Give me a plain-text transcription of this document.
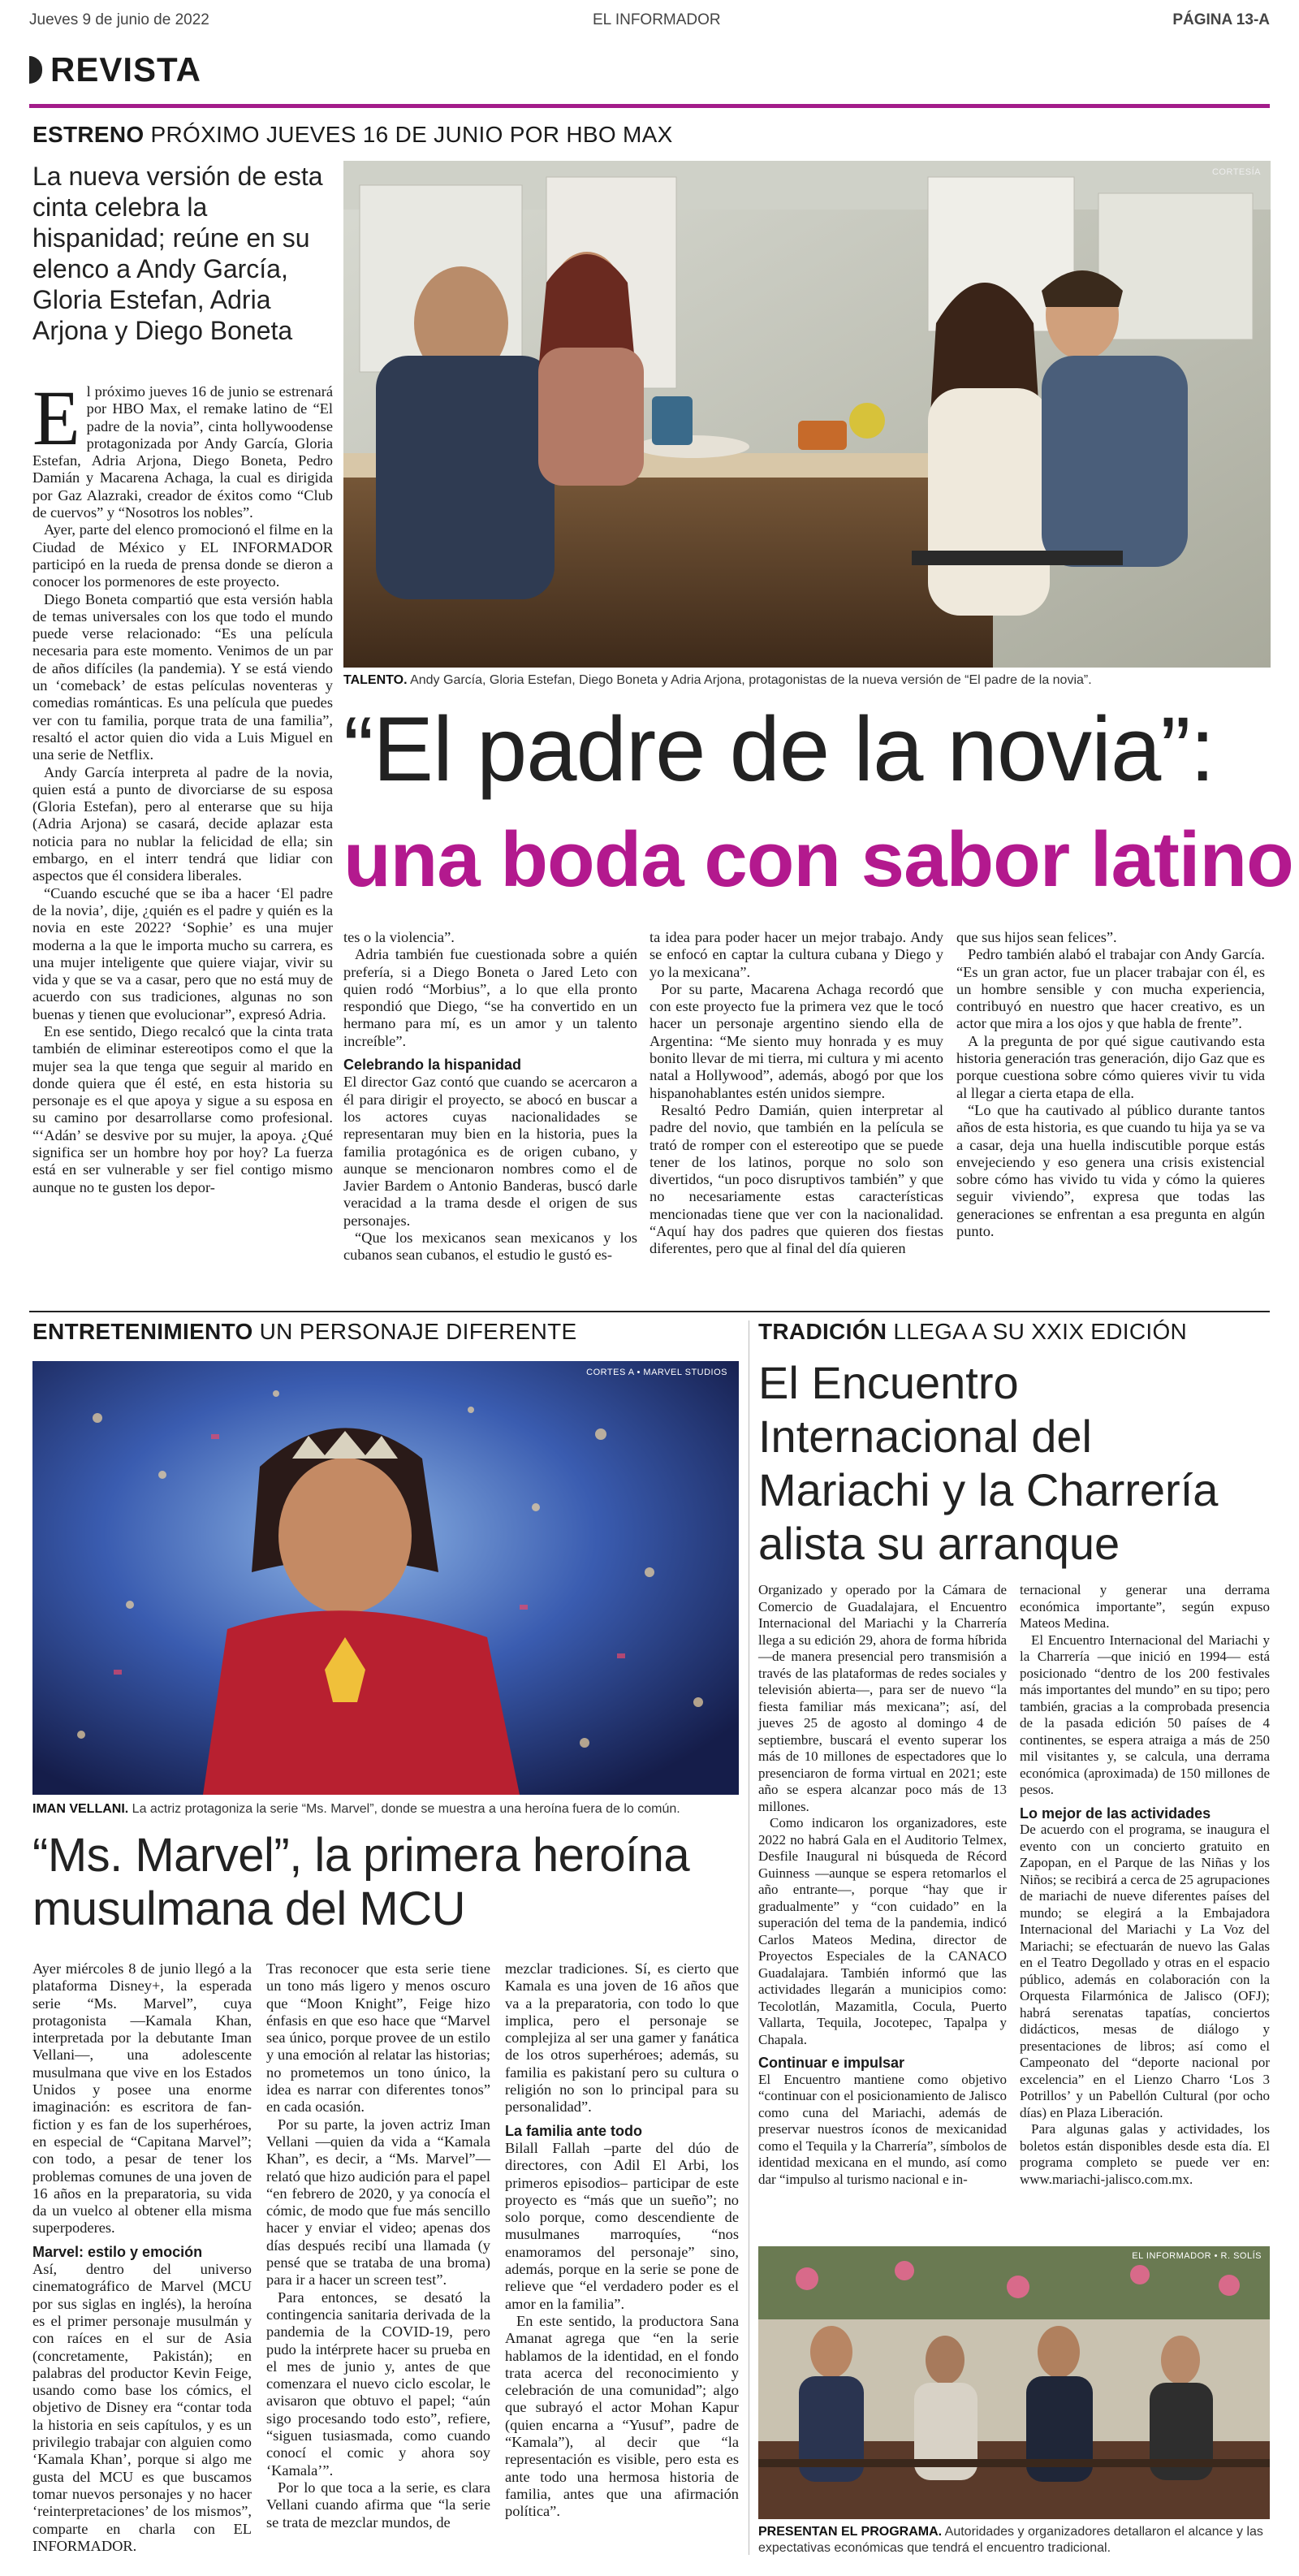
Jueves 9 de junio de 2022	EL INFORMADOR	PÁGINA 13-A
REVISTA
ESTRENO PRÓXIMO JUEVES 16 DE JUNIO POR HBO MAX
La nueva versión de esta cinta celebra la hispanidad; reúne en su elenco a Andy García, Gloria Estefan, Adria Arjona y Diego Boneta
CORTESÍA
TALENTO. Andy García, Gloria Estefan, Diego Boneta y Adria Arjona, protagonistas de la nueva versión de “El padre de la novia”.
“El padre de la novia”:
una boda con sabor latino

El próximo jueves 16 de junio se estrenará por HBO Max, el remake latino de “El padre de la novia”, cinta hollywoodense protagonizada por Andy García, Gloria Estefan, Adria Arjona, Diego Boneta, Pedro Damián y Macarena Achaga, la cual es dirigida por Gaz Alazraki, creador de éxitos como “Club de cuervos” y “Nosotros los nobles”.

Ayer, parte del elenco promocionó el filme en la Ciudad de México y EL INFORMADOR participó en la rueda de prensa donde se dieron a conocer los pormenores de este proyecto.

Diego Boneta compartió que esta versión habla de temas universales con los que todo el mundo puede verse relacionado: “Es una película necesaria para este momento. Venimos de un par de años difíciles (la pandemia). Y se está viendo un ‘comeback’ de estas películas noventeras y comedias románticas. Es una película que puedes ver con tu familia, porque trata de una familia”, resaltó el actor quien dio vida a Luis Miguel en una serie de Netflix.

Andy García interpreta al padre de la novia, quien está a punto de divorciarse de su esposa (Gloria Estefan), pero al enterarse que su hija (Adria Arjona) se casará, decide aplazar esta noticia para no nublar la felicidad de ella; sin embargo, en el interr tendrá que lidiar con aspectos que él considera liberales.

“Cuando escuché que se iba a hacer ‘El padre de la novia’, dije, ¿quién es el padre y quién es la novia en este 2022? ‘Sophie’ es una mujer moderna a la que le importa mucho su carrera, es una mujer inteligente que quiere viajar, vivir su vida y que se va a casar, pero que no está muy de acuerdo con sus tradiciones, algunas no son buenas y tienen que evolucionar”, expresó Adria.

En ese sentido, Diego recalcó que la cinta trata también de eliminar estereotipos como el que la mujer sea la que tenga que seguir al marido en donde quiera que él esté, en esta historia su personaje es el que apoya y sigue a su esposa en su camino por desarrollarse como profesional. “‘Adán’ se desvive por su mujer, la apoya. ¿Qué significa ser un hombre hoy por hoy? La fuerza está en ser vulnerable y ser fiel contigo mismo aunque no te gusten los depor-

tes o la violencia”.

Adria también fue cuestionada sobre a quién prefería, si a Diego Boneta o Jared Leto con quien rodó “Morbius”, a lo que ella pronto respondió que Diego, “se ha convertido en un hermano para mí, es un amor y un talento increíble”.

Celebrando la hispanidad

El director Gaz contó que cuando se acercaron a él para dirigir el proyecto, se abocó en buscar a los actores cuyas nacionalidades se representaran muy bien en la historia, pues la familia protagónica es de origen cubano, y aunque se mencionaron nombres como el de Javier Bardem o Antonio Banderas, buscó darle veracidad a la trama desde el origen de sus personajes.

“Que los mexicanos sean mexicanos y los cubanos sean cubanos, el estudio le gustó es-

ta idea para poder hacer un mejor trabajo. Andy se enfocó en captar la cultura cubana y Diego y yo la mexicana”.

Por su parte, Macarena Achaga recordó que con este proyecto fue la primera vez que le tocó hacer un personaje argentino siendo ella de Argentina: “Me siento muy honrada y es muy bonito llevar de mi tierra, mi cultura y mi acento natal a Hollywood”, además, abogó por que los hispanohablantes estén unidos siempre.

Resaltó Pedro Damián, quien interpretar al padre del novio, que también en la película se trató de romper con el estereotipo que se puede tener de los latinos, porque no solo son divertidos, “un poco disruptivos también” y que no necesariamente estas características mencionadas tiene que ver con la nacionalidad. “Aquí hay dos padres que quieren dos fiestas diferentes, pero que al final del día quieren

que sus hijos sean felices”.

Pedro también alabó el trabajar con Andy García. “Es un gran actor, fue un placer trabajar con él, es un hombre sensible y con mucha experiencia, contribuyó en nuestro que hacer creativo, es un actor que mira a los ojos y que habla de frente”.

A la pregunta de por qué sigue cautivando esta historia generación tras generación, dijo Gaz que es porque cuestiona sobre cómo quieres vivir tu vida al llegar a cierta etapa de ella.

“Lo que ha cautivado al público durante tantos años de esta historia, es que cuando tu hija ya se va a casar, deja una huella indiscutible porque estás envejeciendo y eso genera una crisis existencial sobre cómo has vivido tu vida y cómo la quieres seguir viviendo”, expresa que todas las generaciones se enfrentan a esa pregunta en algún punto.

ENTRETENIMIENTO UN PERSONAJE DIFERENTE
CORTES A • MARVEL STUDIOS
IMAN VELLANI. La actriz protagoniza la serie “Ms. Marvel”, donde se muestra a una heroína fuera de lo común.
“Ms. Marvel”, la primera heroína musulmana del MCU

Ayer miércoles 8 de junio llegó a la plataforma Disney+, la esperada serie “Ms. Marvel”, cuya protagonista —Kamala Khan, interpretada por la debutante Iman Vellani—, una adolescente musulmana que vive en los Estados Unidos y posee una enorme imaginación: es escritora de fan-fiction y es fan de los superhéroes, en especial de “Capitana Marvel”; con todo, a pesar de tener los problemas comunes de una joven de 16 años en la preparatoria, su vida da un vuelco al obtener ella misma superpoderes.

Marvel: estilo y emoción

Así, dentro del universo cinematográfico de Marvel (MCU por sus siglas en inglés), la heroína es el primer personaje musulmán y con raíces en el sur de Asia (concretamente, Pakistán); en palabras del productor Kevin Feige, usando como base los cómics, el objetivo de Disney era “contar toda la historia en seis capítulos, y es un privilegio trabajar con alguien como ‘Kamala Khan’, porque si algo me gusta del MCU es que buscamos tomar nuevos personajes y no hacer ‘reinterpretaciones’ de los mismos”, comparte en charla con EL INFORMADOR.

Tras reconocer que esta serie tiene un tono más ligero y menos oscuro que “Moon Knight”, Feige hizo énfasis en que eso hace que “Marvel sea único, porque provee de un estilo y una emoción al relatar las historias; no prometemos un tono único, la idea es narrar con diferentes tonos” en cada ocasión.

Por su parte, la joven actriz Iman Vellani —quien da vida a “Kamala Khan”, es decir, a “Ms. Marvel”— relató que hizo audición para el papel “en febrero de 2020, y ya conocía el cómic, de modo que fue más sencillo hacer y enviar el video; apenas dos días después recibí una llamada (y pensé que se trataba de una broma) para ir a hacer un screen test”.

Para entonces, se desató la contingencia sanitaria derivada de la pandemia de la COVID-19, pero pudo la intérprete hacer su prueba en el mes de junio y, antes de que comenzara el nuevo ciclo escolar, le avisaron que obtuvo el papel; “aún sigo procesando todo esto”, refiere, “siguen tusiasmada, como cuando conocí el comic y ahora soy ‘Kamala’”.

Por lo que toca a la serie, es clara Vellani cuando afirma que “la serie se trata de mezclar mundos, de

mezclar tradiciones. Sí, es cierto que Kamala es una joven de 16 años que va a la preparatoria, con todo lo que implica, pero el personaje se complejiza al ser una gamer y fanática de los otros superhéroes; además, su familia es pakistaní pero su cultura o religión no son lo principal para su personalidad”.

La familia ante todo

Bilall Fallah –parte del dúo de directores, con Adil El Arbi, los primeros episodios– participar de este proyecto es “más que un sueño”; no solo porque, como descendiente de musulmanes marroquíes, “nos enamoramos del personaje” sino, además, porque en la serie se pone de relieve que “el verdadero poder es el amor en la familia”.

En este sentido, la productora Sana Amanat agrega que “en la serie hablamos de la identidad, en el fondo trata acerca del reconocimiento y celebración de una comunidad”; algo que subrayó el actor Mohan Kapur (quien encarna a “Yusuf”, padre de “Kamala”), al decir que “la representación es visible, pero esta es ante todo una hermosa historia de familia, antes que una afirmación política”.

TRADICIÓN LLEGA A SU XXIX EDICIÓN
El Encuentro Internacional del Mariachi y la Charrería alista su arranque

Organizado y operado por la Cámara de Comercio de Guadalajara, el Encuentro Internacional del Mariachi y la Charrería llega a su edición 29, ahora de forma híbrida —de manera presencial pero transmisión a través de las plataformas de redes sociales y televisión abierta—, para ser de nuevo “la fiesta familiar más mexicana”; así, del jueves 25 de agosto al domingo 4 de septiembre, buscará el evento superar los más de 10 millones de espectadores que lo presenciaron de forma virtual en 2021; este año se espera alcanzar poco más de 13 millones.

Como indicaron los organizadores, este 2022 no habrá Gala en el Auditorio Telmex, Desfile Inaugural ni búsqueda de Récord Guinness —aunque se espera retomarlos el año entrante—, porque “hay que ir gradualmente” y “con cuidado” en la superación del tema de la pandemia, indicó Carlos Mateos Medina, director de Proyectos Especiales de la CANACO Guadalajara. También informó que las actividades llegarán a municipios como: Tecolotlán, Mazamitla, Cocula, Puerto Vallarta, Tequila, Jocotepec, Tapalpa y Chapala.

Continuar e impulsar

El Encuentro mantiene como objetivo “continuar con el posicionamiento de Jalisco como cuna del Mariachi, además de preservar nuestros íconos de mexicanidad como el Tequila y la Charrería”, símbolos de identidad mexicana en el mundo, así como dar “impulso al turismo nacional e in-

ternacional y generar una derrama económica importante”, según expuso Mateos Medina.

El Encuentro Internacional del Mariachi y la Charrería —que inició en 1994— está posicionado “dentro de los 200 festivales más importantes del mundo” en su tipo; pero también, gracias a la comprobada presencia de la pasada edición 50 países de 4 continentes, se espera atraiga a más de 250 mil visitantes y, se calcula, una derrama económica (aproximada) de 150 millones de pesos.

Lo mejor de las actividades

De acuerdo con el programa, se inaugura el evento con un concierto gratuito en Zapopan, en el Parque de las Niñas y los Niños; se recibirá a cerca de 25 agrupaciones de mariachi de nueve diferentes países del mundo; se elegirá a la Embajadora Internacional del Mariachi y La Voz del Mariachi; se efectuarán de nuevo las Galas en el Teatro Degollado y otras en el espacio público, además en colaboración con la Orquesta Filarmónica de Jalisco (OFJ); habrá serenatas tapatías, conciertos didácticos, mesas de diálogo y presentaciones de libros; así como el Campeonato del “deporte nacional por excelencia” en el Lienzo Charro ‘Los 3 Potrillos’ y un Pabellón Cultural (por ocho días) en Plaza Liberación.

Para algunas galas y actividades, los boletos están disponibles desde esta día. El programa completo se puede ver en: www.mariachi-jalisco.com.mx.

EL INFORMADOR • R. SOLÍS
PRESENTAN EL PROGRAMA. Autoridades y organizadores detallaron el alcance y las expectativas económicas que tendrá el encuentro tradicional.
